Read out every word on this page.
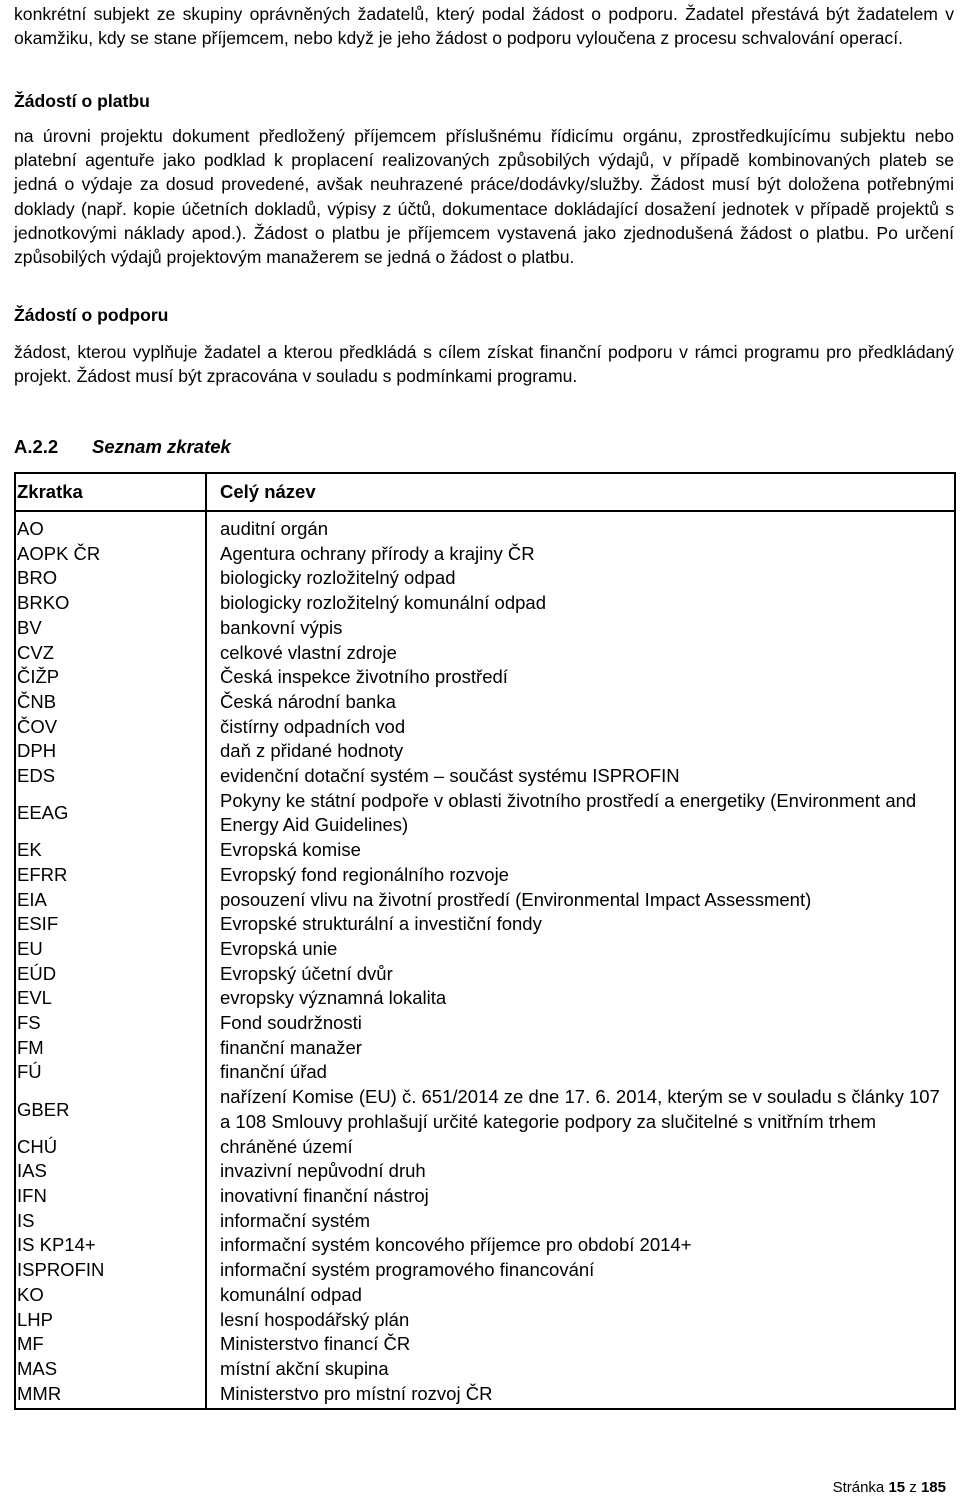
konkrétní subjekt ze skupiny oprávněných žadatelů, který podal žádost o podporu. Žadatel přestává být žadatelem v okamžiku, kdy se stane příjemcem, nebo když je jeho žádost o podporu vyloučena z procesu schvalování operací.

Žádostí o platbu

na úrovni projektu dokument předložený příjemcem příslušnému řídicímu orgánu, zprostředkujícímu subjektu nebo platební agentuře jako podklad k proplacení realizovaných způsobilých výdajů, v případě kombinovaných plateb se jedná o výdaje za dosud provedené, avšak neuhrazené práce/dodávky/služby. Žádost musí být doložena potřebnými doklady (např. kopie účetních dokladů, výpisy z účtů, dokumentace dokládající dosažení jednotek v případě projektů s jednotkovými náklady apod.). Žádost o platbu je příjemcem vystavená jako zjednodušená žádost o platbu. Po určení způsobilých výdajů projektovým manažerem se jedná o žádost o platbu.

Žádostí o podporu

žádost, kterou vyplňuje žadatel a kterou předkládá s cílem získat finanční podporu v rámci programu pro předkládaný projekt. Žádost musí být zpracována v souladu s podmínkami programu.

A.2.2 Seznam zkratek
Zkratka	Celý název

AO	auditní orgán
AOPK ČR	Agentura ochrany přírody a krajiny ČR
BRO	biologicky rozložitelný odpad
BRKO	biologicky rozložitelný komunální odpad
BV	bankovní výpis
CVZ	celkové vlastní zdroje
ČIŽP	Česká inspekce životního prostředí
ČNB	Česká národní banka
ČOV	čistírny odpadních vod
DPH	daň z přidané hodnoty
EDS	evidenční dotační systém – součást systému ISPROFIN
EEAG	Pokyny ke státní podpoře v oblasti životního prostředí a energetiky (Environment and Energy Aid Guidelines)
EK	Evropská komise
EFRR	Evropský fond regionálního rozvoje
EIA	posouzení vlivu na životní prostředí (Environmental Impact Assessment)
ESIF	Evropské strukturální a investiční fondy
EU	Evropská unie
EÚD	Evropský účetní dvůr
EVL	evropsky významná lokalita
FS	Fond soudržnosti
FM	finanční manažer
FÚ	finanční úřad
GBER	nařízení Komise (EU) č. 651/2014 ze dne 17. 6. 2014, kterým se v souladu s články 107 a 108 Smlouvy prohlašují určité kategorie podpory za slučitelné s vnitřním trhem
CHÚ	chráněné území
IAS	invazivní nepůvodní druh
IFN	inovativní finanční nástroj
IS	informační systém
IS KP14+	informační systém koncového příjemce pro období 2014+
ISPROFIN	informační systém programového financování
KO	komunální odpad
LHP	lesní hospodářský plán
MF	Ministerstvo financí ČR
MAS	místní akční skupina
MMR	Ministerstvo pro místní rozvoj ČR
Stránka 15 z 185
